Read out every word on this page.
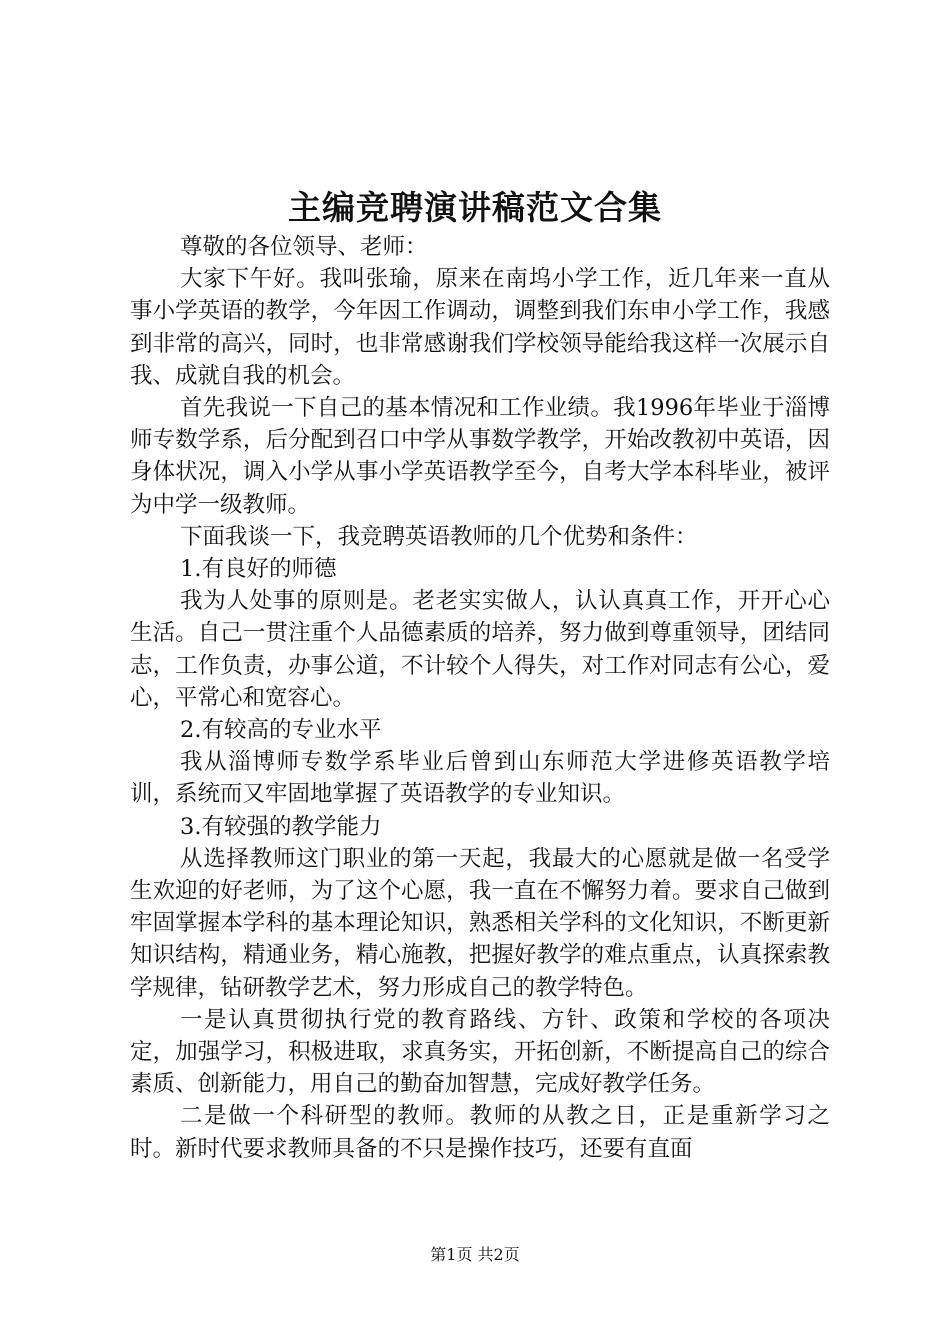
主编竞聘演讲稿范文合集

尊敬的各位领导、老师：

大家下午好。我叫张瑜，原来在南坞小学工作，近几年来一直从事小学英语的教学，今年因工作调动，调整到我们东申小学工作，我感到非常的高兴，同时，也非常感谢我们学校领导能给我这样一次展示自我、成就自我的机会。

首先我说一下自己的基本情况和工作业绩。我1996年毕业于淄博师专数学系，后分配到召口中学从事数学教学，开始改教初中英语，因身体状况，调入小学从事小学英语教学至今，自考大学本科毕业，被评为中学一级教师。

下面我谈一下，我竞聘英语教师的几个优势和条件：

1.有良好的师德

我为人处事的原则是。老老实实做人，认认真真工作，开开心心生活。自己一贯注重个人品德素质的培养，努力做到尊重领导，团结同志，工作负责，办事公道，不计较个人得失，对工作对同志有公心，爱心，平常心和宽容心。

2.有较高的专业水平

我从淄博师专数学系毕业后曾到山东师范大学进修英语教学培训，系统而又牢固地掌握了英语教学的专业知识。

3.有较强的教学能力

从选择教师这门职业的第一天起，我最大的心愿就是做一名受学生欢迎的好老师，为了这个心愿，我一直在不懈努力着。要求自己做到牢固掌握本学科的基本理论知识，熟悉相关学科的文化知识，不断更新知识结构，精通业务，精心施教，把握好教学的难点重点，认真探索教学规律，钻研教学艺术，努力形成自己的教学特色。

一是认真贯彻执行党的教育路线、方针、政策和学校的各项决定，加强学习，积极进取，求真务实，开拓创新，不断提高自己的综合素质、创新能力，用自己的勤奋加智慧，完成好教学任务。

二是做一个科研型的教师。教师的从教之日，正是重新学习之时。新时代要求教师具备的不只是操作技巧，还要有直面

第1页 共2页
